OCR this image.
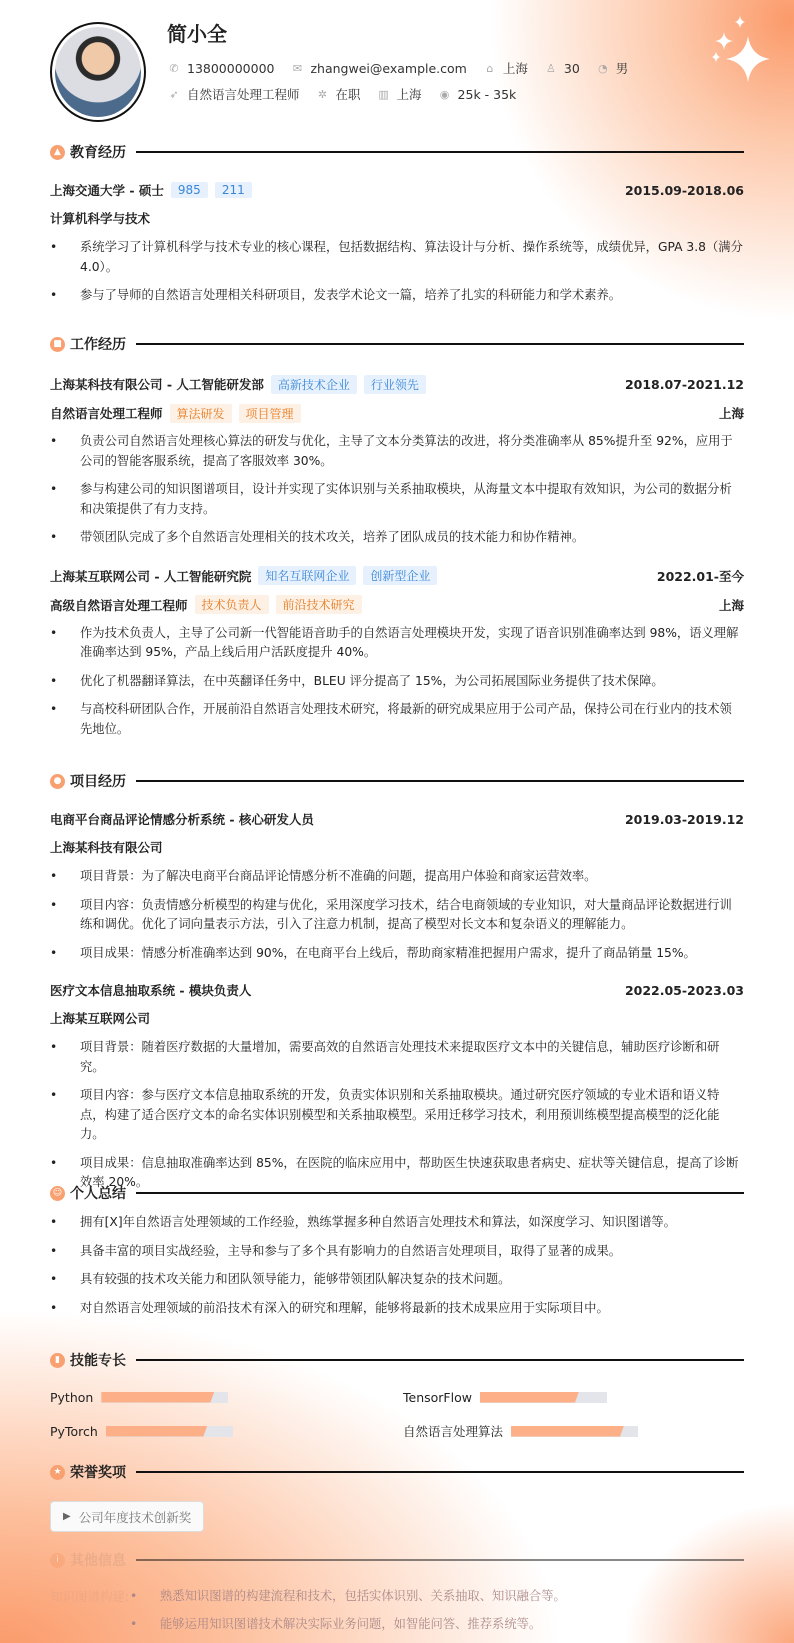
简小全
✆ 13800000000 ✉ zhangwei@example.com	⌂ 上海 ♙ 30 ◔ 男
➶ 自然语言处理工程师 ✲ 在职 ▥ 上海 ◉ 25k - 35k
▲ 教育经历
上海交通大学 - 硕士	985	211	2015.09-2018.06
计算机科学与技术
• 系统学习了计算机科学与技术专业的核心课程，包括数据结构、算法设计与分析、操作系统等，成绩优异，GPA 3.8（满分 4.0）。
• 参与了导师的自然语言处理相关科研项目，发表学术论文一篇，培养了扎实的科研能力和学术素养。
■ 工作经历
上海某科技有限公司 - 人工智能研发部	高新技术企业	行业领先	2018.07-2021.12
自然语言处理工程师	算法研发	项目管理	上海
• 负责公司自然语言处理核心算法的研发与优化，主导了文本分类算法的改进，将分类准确率从 85%提升至 92%，应用于公司的智能客服系统，提高了客服效率 30%。
• 参与构建公司的知识图谱项目，设计并实现了实体识别与关系抽取模块，从海量文本中提取有效知识，为公司的数据分析和决策提供了有力支持。
• 带领团队完成了多个自然语言处理相关的技术攻关，培养了团队成员的技术能力和协作精神。
上海某互联网公司 - 人工智能研究院	知名互联网企业	创新型企业	2022.01-至今
高级自然语言处理工程师	技术负责人	前沿技术研究	上海
• 作为技术负责人，主导了公司新一代智能语音助手的自然语言处理模块开发，实现了语音识别准确率达到 98%，语义理解准确率达到 95%，产品上线后用户活跃度提升 40%。
• 优化了机器翻译算法，在中英翻译任务中，BLEU 评分提高了 15%，为公司拓展国际业务提供了技术保障。
• 与高校科研团队合作，开展前沿自然语言处理技术研究，将最新的研究成果应用于公司产品，保持公司在行业内的技术领先地位。
● 项目经历
电商平台商品评论情感分析系统 - 核心研发人员	2019.03-2019.12
上海某科技有限公司
• 项目背景：为了解决电商平台商品评论情感分析不准确的问题，提高用户体验和商家运营效率。
• 项目内容：负责情感分析模型的构建与优化，采用深度学习技术，结合电商领域的专业知识，对大量商品评论数据进行训练和调优。优化了词向量表示方法，引入了注意力机制，提高了模型对长文本和复杂语义的理解能力。
• 项目成果：情感分析准确率达到 90%，在电商平台上线后，帮助商家精准把握用户需求，提升了商品销量 15%。
医疗文本信息抽取系统 - 模块负责人	2022.05-2023.03
上海某互联网公司
• 项目背景：随着医疗数据的大量增加，需要高效的自然语言处理技术来提取医疗文本中的关键信息，辅助医疗诊断和研究。
• 项目内容：参与医疗文本信息抽取系统的开发，负责实体识别和关系抽取模块。通过研究医疗领域的专业术语和语义特点，构建了适合医疗文本的命名实体识别模型和关系抽取模型。采用迁移学习技术，利用预训练模型提高模型的泛化能力。
• 项目成果：信息抽取准确率达到 85%，在医院的临床应用中，帮助医生快速获取患者病史、症状等关键信息，提高了诊断效率 20%。
☺ 个人总结
• 拥有[X]年自然语言处理领域的工作经验，熟练掌握多种自然语言处理技术和算法，如深度学习、知识图谱等。
• 具备丰富的项目实战经验，主导和参与了多个具有影响力的自然语言处理项目，取得了显著的成果。
• 具有较强的技术攻关能力和团队领导能力，能够带领团队解决复杂的技术问题。
• 对自然语言处理领域的前沿技术有深入的研究和理解，能够将最新的技术成果应用于实际项目中。
▮ 技能专长
Python	TensorFlow
PyTorch	自然语言处理算法
★ 荣誉奖项
▶ 公司年度技术创新奖
i 其他信息
知识图谱构建:	• 熟悉知识图谱的构建流程和技术，包括实体识别、关系抽取、知识融合等。
• 能够运用知识图谱技术解决实际业务问题，如智能问答、推荐系统等。
